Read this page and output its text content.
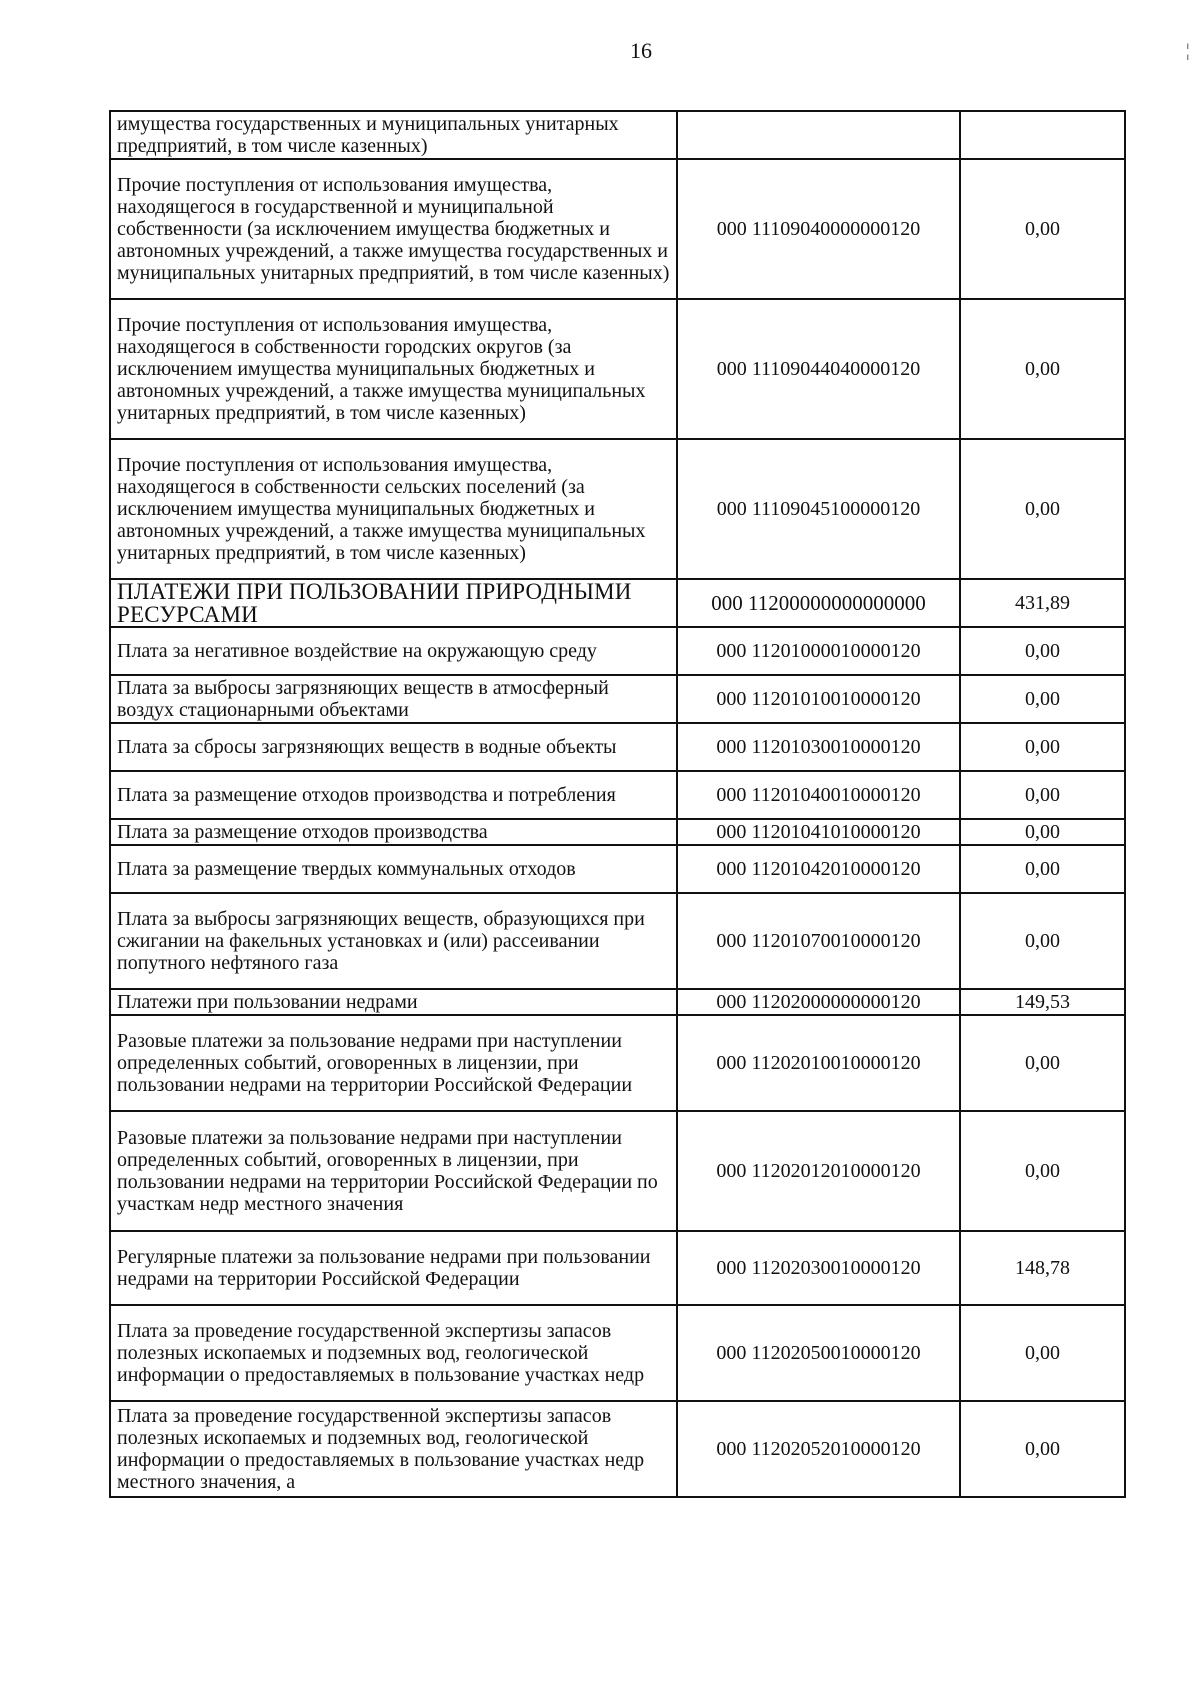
16	¦
имущества государственных и муниципальных унитарных предприятий, в том числе казенных)		
Прочие поступления от использования имущества, находящегося в государственной и муниципальной собственности (за исключением имущества бюджетных и автономных учреждений, а также имущества государственных и муниципальных унитарных предприятий, в том числе казенных)	000 11109040000000120	0,00
Прочие поступления от использования имущества, находящегося в собственности городских округов (за исключением имущества муниципальных бюджетных и автономных учреждений, а также имущества муниципальных унитарных предприятий, в том числе казенных)	000 11109044040000120	0,00
Прочие поступления от использования имущества, находящегося в собственности сельских поселений (за исключением имущества муниципальных бюджетных и автономных учреждений, а также имущества муниципальных унитарных предприятий, в том числе казенных)	000 11109045100000120	0,00
ПЛАТЕЖИ ПРИ ПОЛЬЗОВАНИИ ПРИРОДНЫМИ РЕСУРСАМИ	000 11200000000000000	431,89
Плата за негативное воздействие на окружающую среду	000 11201000010000120	0,00
Плата за выбросы загрязняющих веществ в атмосферный воздух стационарными объектами	000 11201010010000120	0,00
Плата за сбросы загрязняющих веществ в водные объекты	000 11201030010000120	0,00
Плата за размещение отходов производства и потребления	000 11201040010000120	0,00
Плата за размещение отходов производства	000 11201041010000120	0,00
Плата за размещение твердых коммунальных отходов	000 11201042010000120	0,00
Плата за выбросы загрязняющих веществ, образующихся при сжигании на факельных установках и (или) рассеивании попутного нефтяного газа	000 11201070010000120	0,00
Платежи при пользовании недрами	000 11202000000000120	149,53
Разовые платежи за пользование недрами при наступлении определенных событий, оговоренных в лицензии, при пользовании недрами на территории Российской Федерации	000 11202010010000120	0,00
Разовые платежи за пользование недрами при наступлении определенных событий, оговоренных в лицензии, при пользовании недрами на территории Российской Федерации по участкам недр местного значения	000 11202012010000120	0,00
Регулярные платежи за пользование недрами при пользовании недрами на территории Российской Федерации	000 11202030010000120	148,78
Плата за проведение государственной экспертизы запасов полезных ископаемых и подземных вод, геологической информации о предоставляемых в пользование участках недр	000 11202050010000120	0,00
Плата за проведение государственной экспертизы запасов полезных ископаемых и подземных вод, геологической информации о предоставляемых в пользование участках недр местного значения, а	000 11202052010000120	0,00
